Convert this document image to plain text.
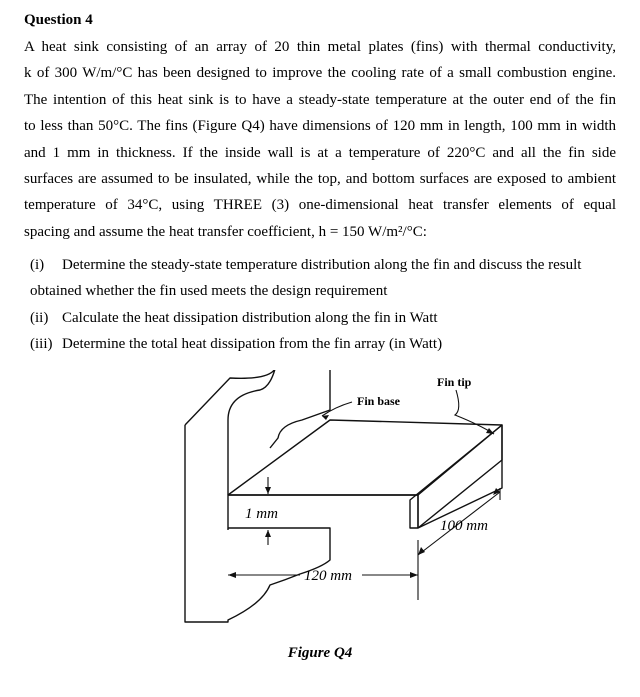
Question 4
A heat sink consisting of an array of 20 thin metal plates (fins) with thermal conductivity,
k of 300 W/m/°C has been designed to improve the cooling rate of a small combustion engine.
The intention of this heat sink is to have a steady-state temperature at the outer end of the fin
to less than 50°C. The fins (Figure Q4) have dimensions of 120 mm in length, 100 mm in width
and 1 mm in thickness. If the inside wall is at a temperature of 220°C and all the fin side
surfaces are assumed to be insulated, while the top, and bottom surfaces are exposed to ambient
temperature of 34°C, using THREE (3) one-dimensional heat transfer elements of equal
spacing and assume the heat transfer coefficient, h = 150 W/m²/°C:
(i)	Determine the steady-state temperature distribution along the fin and discuss the result
obtained whether the fin used meets the design requirement
(ii) Calculate the heat dissipation distribution along the fin in Watt
(iii) Determine the total heat dissipation from the fin array (in Watt)
Fin tip
Fin base
1 mm
100 mm
120 mm
Figure Q4
